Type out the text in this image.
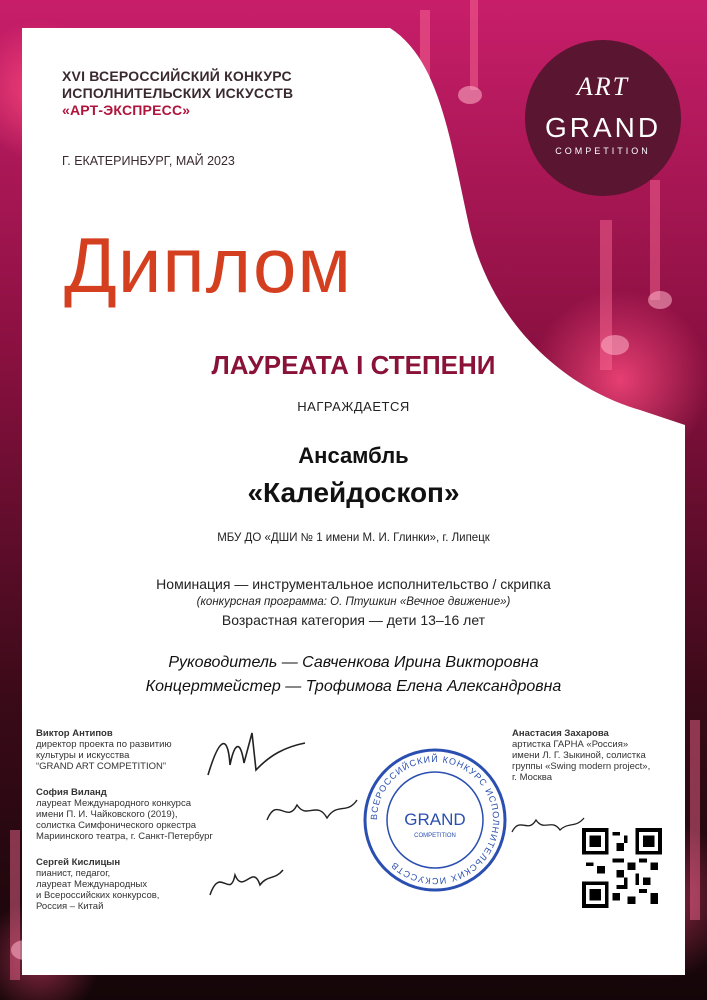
ART
GRAND
COMPETITION
XVI ВСЕРОССИЙСКИЙ КОНКУРС
ИСПОЛНИТЕЛЬСКИХ ИСКУССТВ
«АРТ-ЭКСПРЕСС»
Г. ЕКАТЕРИНБУРГ, МАЙ 2023
Диплом
ЛАУРЕАТА I СТЕПЕНИ
НАГРАЖДАЕТСЯ
Ансамбль
«Калейдоскоп»
МБУ ДО «ДШИ № 1 имени М. И. Глинки», г. Липецк
Номинация — инструментальное исполнительство / скрипка
(конкурсная программа: О. Птушкин «Вечное движение»)
Возрастная категория — дети 13–16 лет
Руководитель — Савченкова Ирина Викторовна
Концертмейстер — Трофимова Елена Александровна
Виктор Антипов
директор проекта по развитию
культуры и искусства
“GRAND ART COMPETITION”
София Виланд
лауреат Международного конкурса
имени П. И. Чайковского (2019),
солистка Симфонического оркестра
Мариинского театра, г. Санкт-Петербург
Сергей Кислицын
пианист, педагог,
лауреат Международных
и Всероссийских конкурсов,
Россия – Китай
Анастасия Захарова
артистка ГАРНА «Россия»
имени Л. Г. Зыкиной, солистка
группы «Swing modern project»,
г. Москва
ВСЕРОССИЙСКИЙ КОНКУРС ИСПОЛНИТЕЛЬСКИХ ИСКУССТВ
GRAND
COMPETITION
